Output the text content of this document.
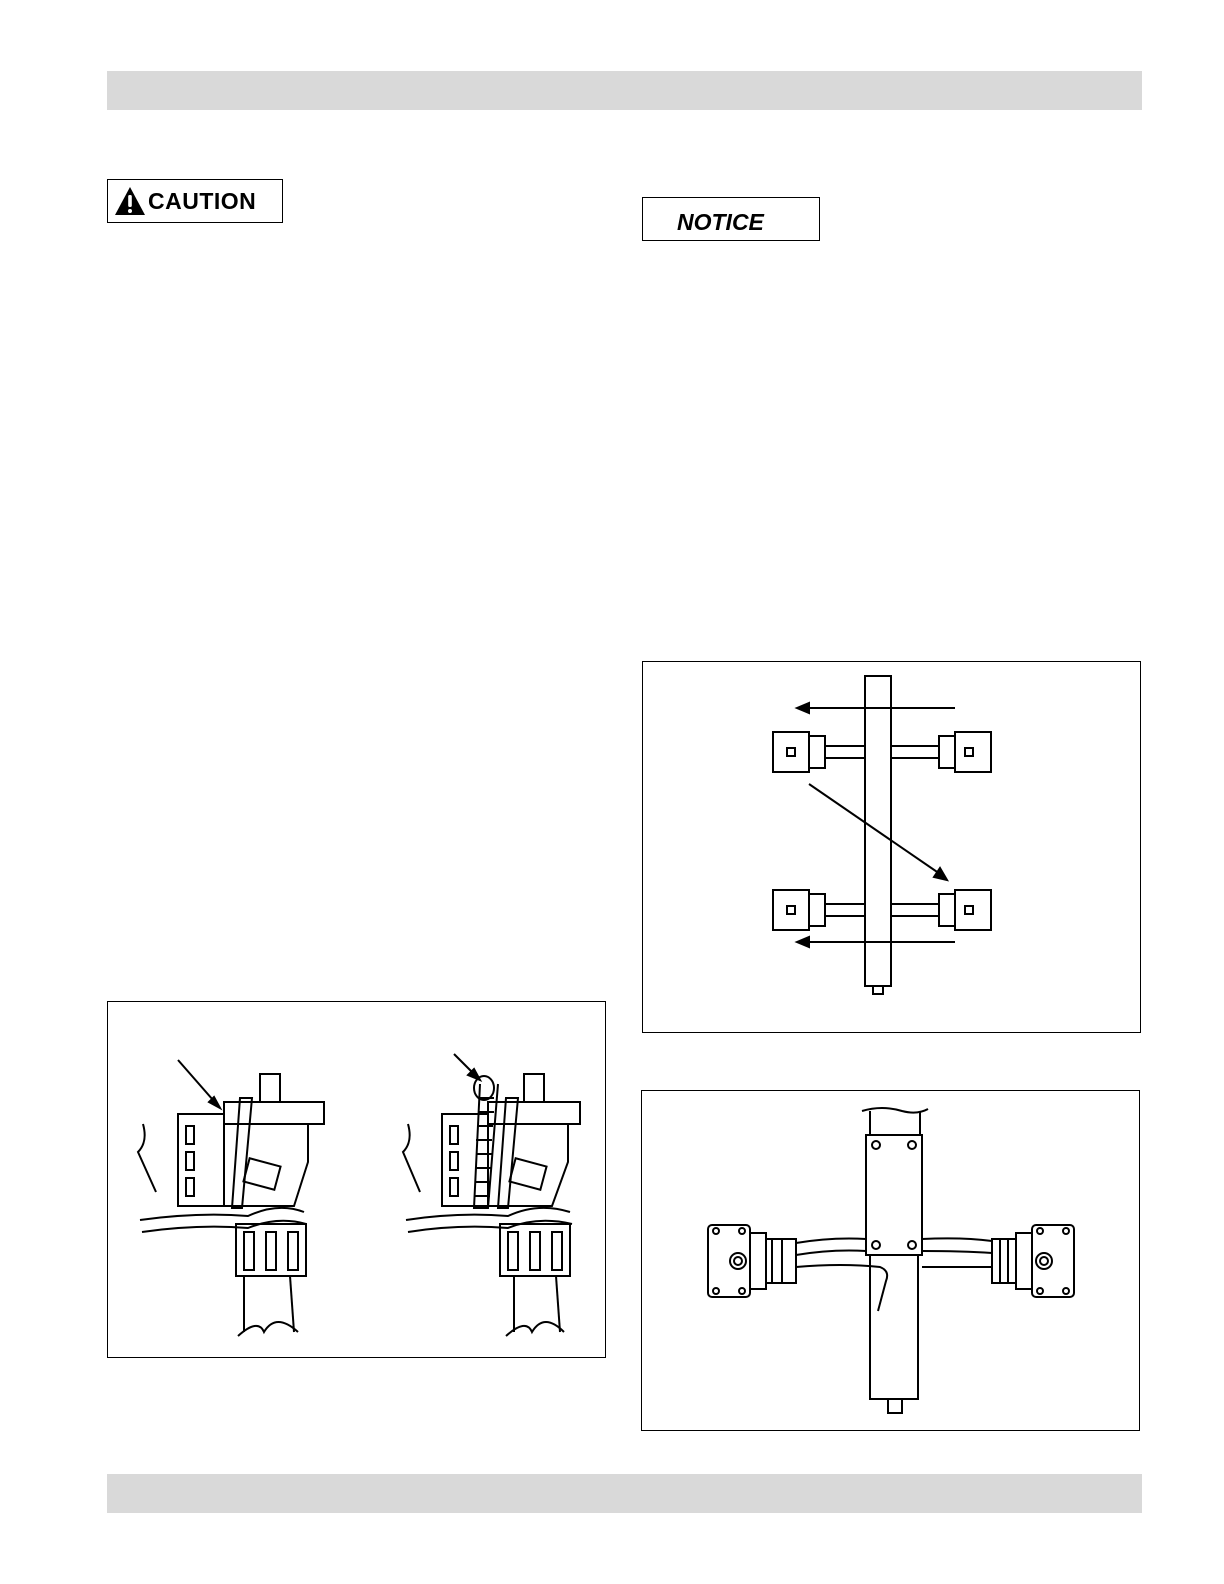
CAUTION
NOTICE
